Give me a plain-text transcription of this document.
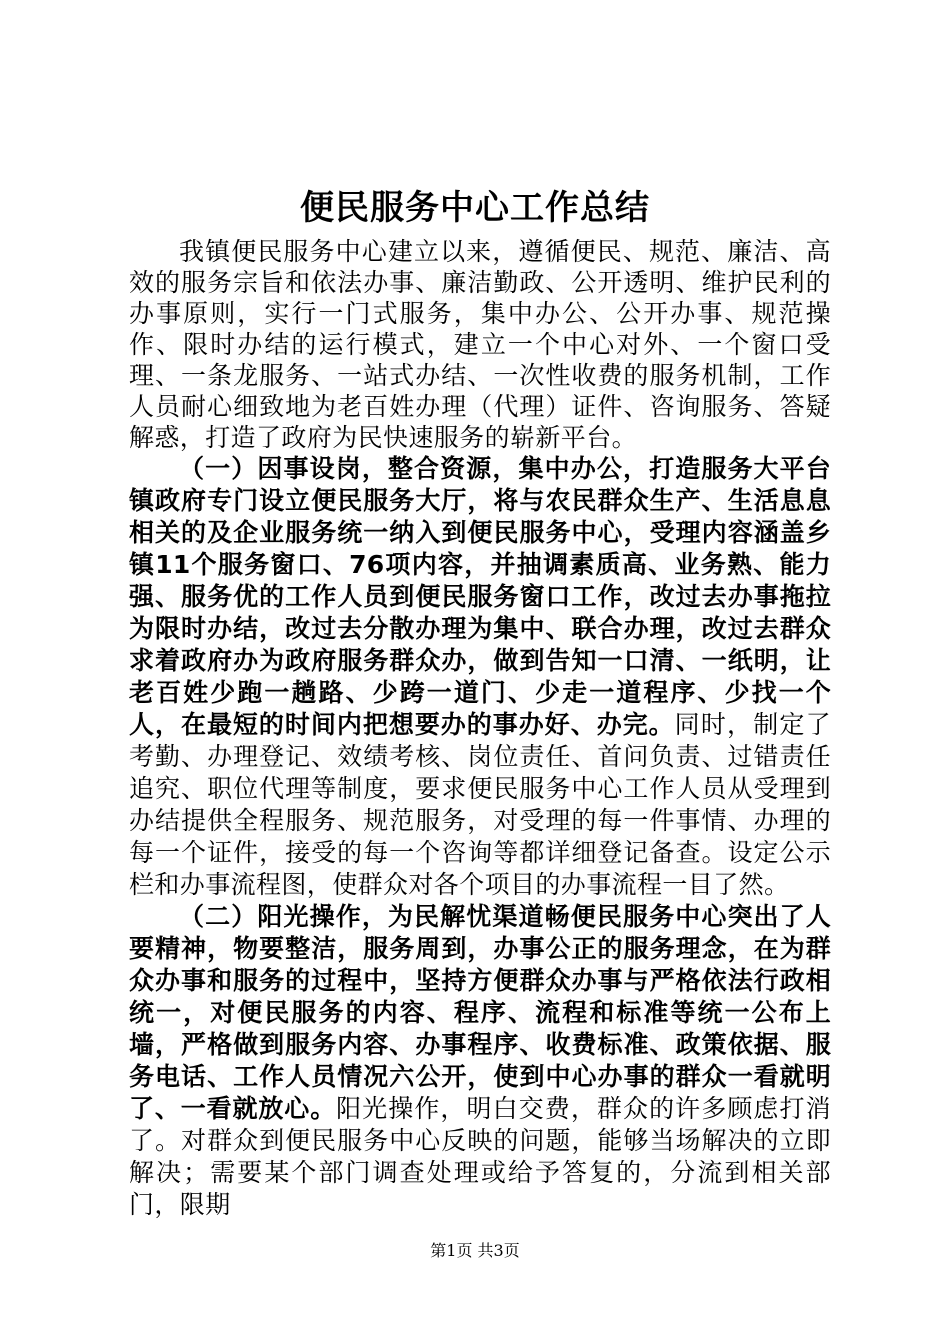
便民服务中心工作总结

我镇便民服务中心建立以来，遵循便民、规范、廉洁、高效的服务宗旨和依法办事、廉洁勤政、公开透明、维护民利的办事原则，实行一门式服务，集中办公、公开办事、规范操作、限时办结的运行模式，建立一个中心对外、一个窗口受理、一条龙服务、一站式办结、一次性收费的服务机制，工作人员耐心细致地为老百姓办理（代理）证件、咨询服务、答疑解惑，打造了政府为民快速服务的崭新平台。

（一）因事设岗，整合资源，集中办公，打造服务大平台镇政府专门设立便民服务大厅，将与农民群众生产、生活息息相关的及企业服务统一纳入到便民服务中心，受理内容涵盖乡镇11个服务窗口、76项内容，并抽调素质高、业务熟、能力强、服务优的工作人员到便民服务窗口工作，改过去办事拖拉为限时办结，改过去分散办理为集中、联合办理，改过去群众求着政府办为政府服务群众办，做到告知一口清、一纸明，让老百姓少跑一趟路、少跨一道门、少走一道程序、少找一个人，在最短的时间内把想要办的事办好、办完。同时，制定了考勤、办理登记、效绩考核、岗位责任、首问负责、过错责任追究、职位代理等制度，要求便民服务中心工作人员从受理到办结提供全程服务、规范服务，对受理的每一件事情、办理的每一个证件，接受的每一个咨询等都详细登记备查。设定公示栏和办事流程图，使群众对各个项目的办事流程一目了然。

（二）阳光操作，为民解忧渠道畅便民服务中心突出了人要精神，物要整洁，服务周到，办事公正的服务理念，在为群众办事和服务的过程中，坚持方便群众办事与严格依法行政相统一，对便民服务的内容、程序、流程和标准等统一公布上墙，严格做到服务内容、办事程序、收费标准、政策依据、服务电话、工作人员情况六公开，使到中心办事的群众一看就明了、一看就放心。阳光操作，明白交费，群众的许多顾虑打消了。对群众到便民服务中心反映的问题，能够当场解决的立即解决；需要某个部门调查处理或给予答复的，分流到相关部门，限期

第1页 共3页
